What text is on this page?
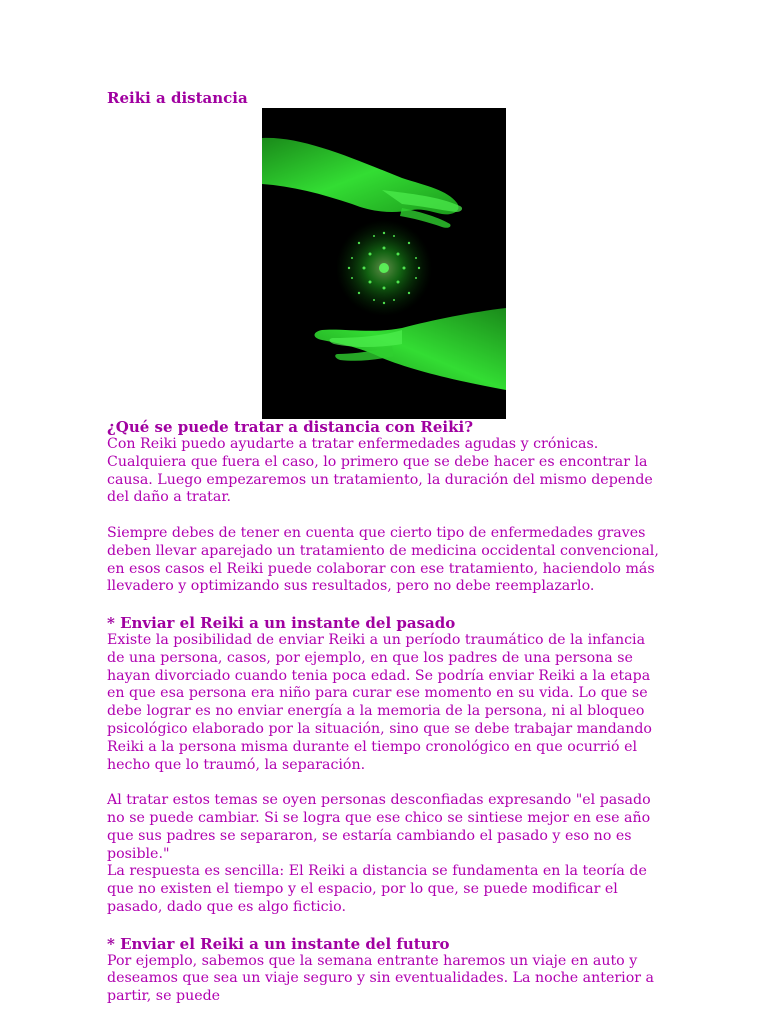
Reiki a distancia
¿Qué se puede tratar a distancia con Reiki?

Con Reiki puedo ayudarte a tratar enfermedades agudas y crónicas. Cualquiera que fuera el caso, lo primero que se debe hacer es encontrar la causa. Luego empezaremos un tratamiento, la duración del mismo depende del daño a tratar.

Siempre debes de tener en cuenta que cierto tipo de enfermedades graves deben llevar aparejado un tratamiento de medicina occidental convencional, en esos casos el Reiki puede colaborar con ese tratamiento, haciendolo más llevadero y optimizando sus resultados, pero no debe reemplazarlo.

* Enviar el Reiki a un instante del pasado

Existe la posibilidad de enviar Reiki a un período traumático de la infancia de una persona, casos, por ejemplo, en que los padres de una persona se hayan divorciado cuando tenia poca edad. Se podría enviar Reiki a la etapa en que esa persona era niño para curar ese momento en su vida. Lo que se debe lograr es no enviar energía a la memoria de la persona, ni al bloqueo psicológico elaborado por la situación, sino que se debe trabajar mandando Reiki a la persona misma durante el tiempo cronológico en que ocurrió el hecho que lo traumó, la separación.

Al tratar estos temas se oyen personas desconfiadas expresando "el pasado no se puede cambiar. Si se logra que ese chico se sintiese mejor en ese año que sus padres se separaron, se estaría cambiando el pasado y eso no es posible."

La respuesta es sencilla: El Reiki a distancia se fundamenta en la teoría de que no existen el tiempo y el espacio, por lo que, se puede modificar el pasado, dado que es algo ficticio.

* Enviar el Reiki a un instante del futuro

Por ejemplo, sabemos que la semana entrante haremos un viaje en auto y deseamos que sea un viaje seguro y sin eventualidades. La noche anterior a partir, se puede
